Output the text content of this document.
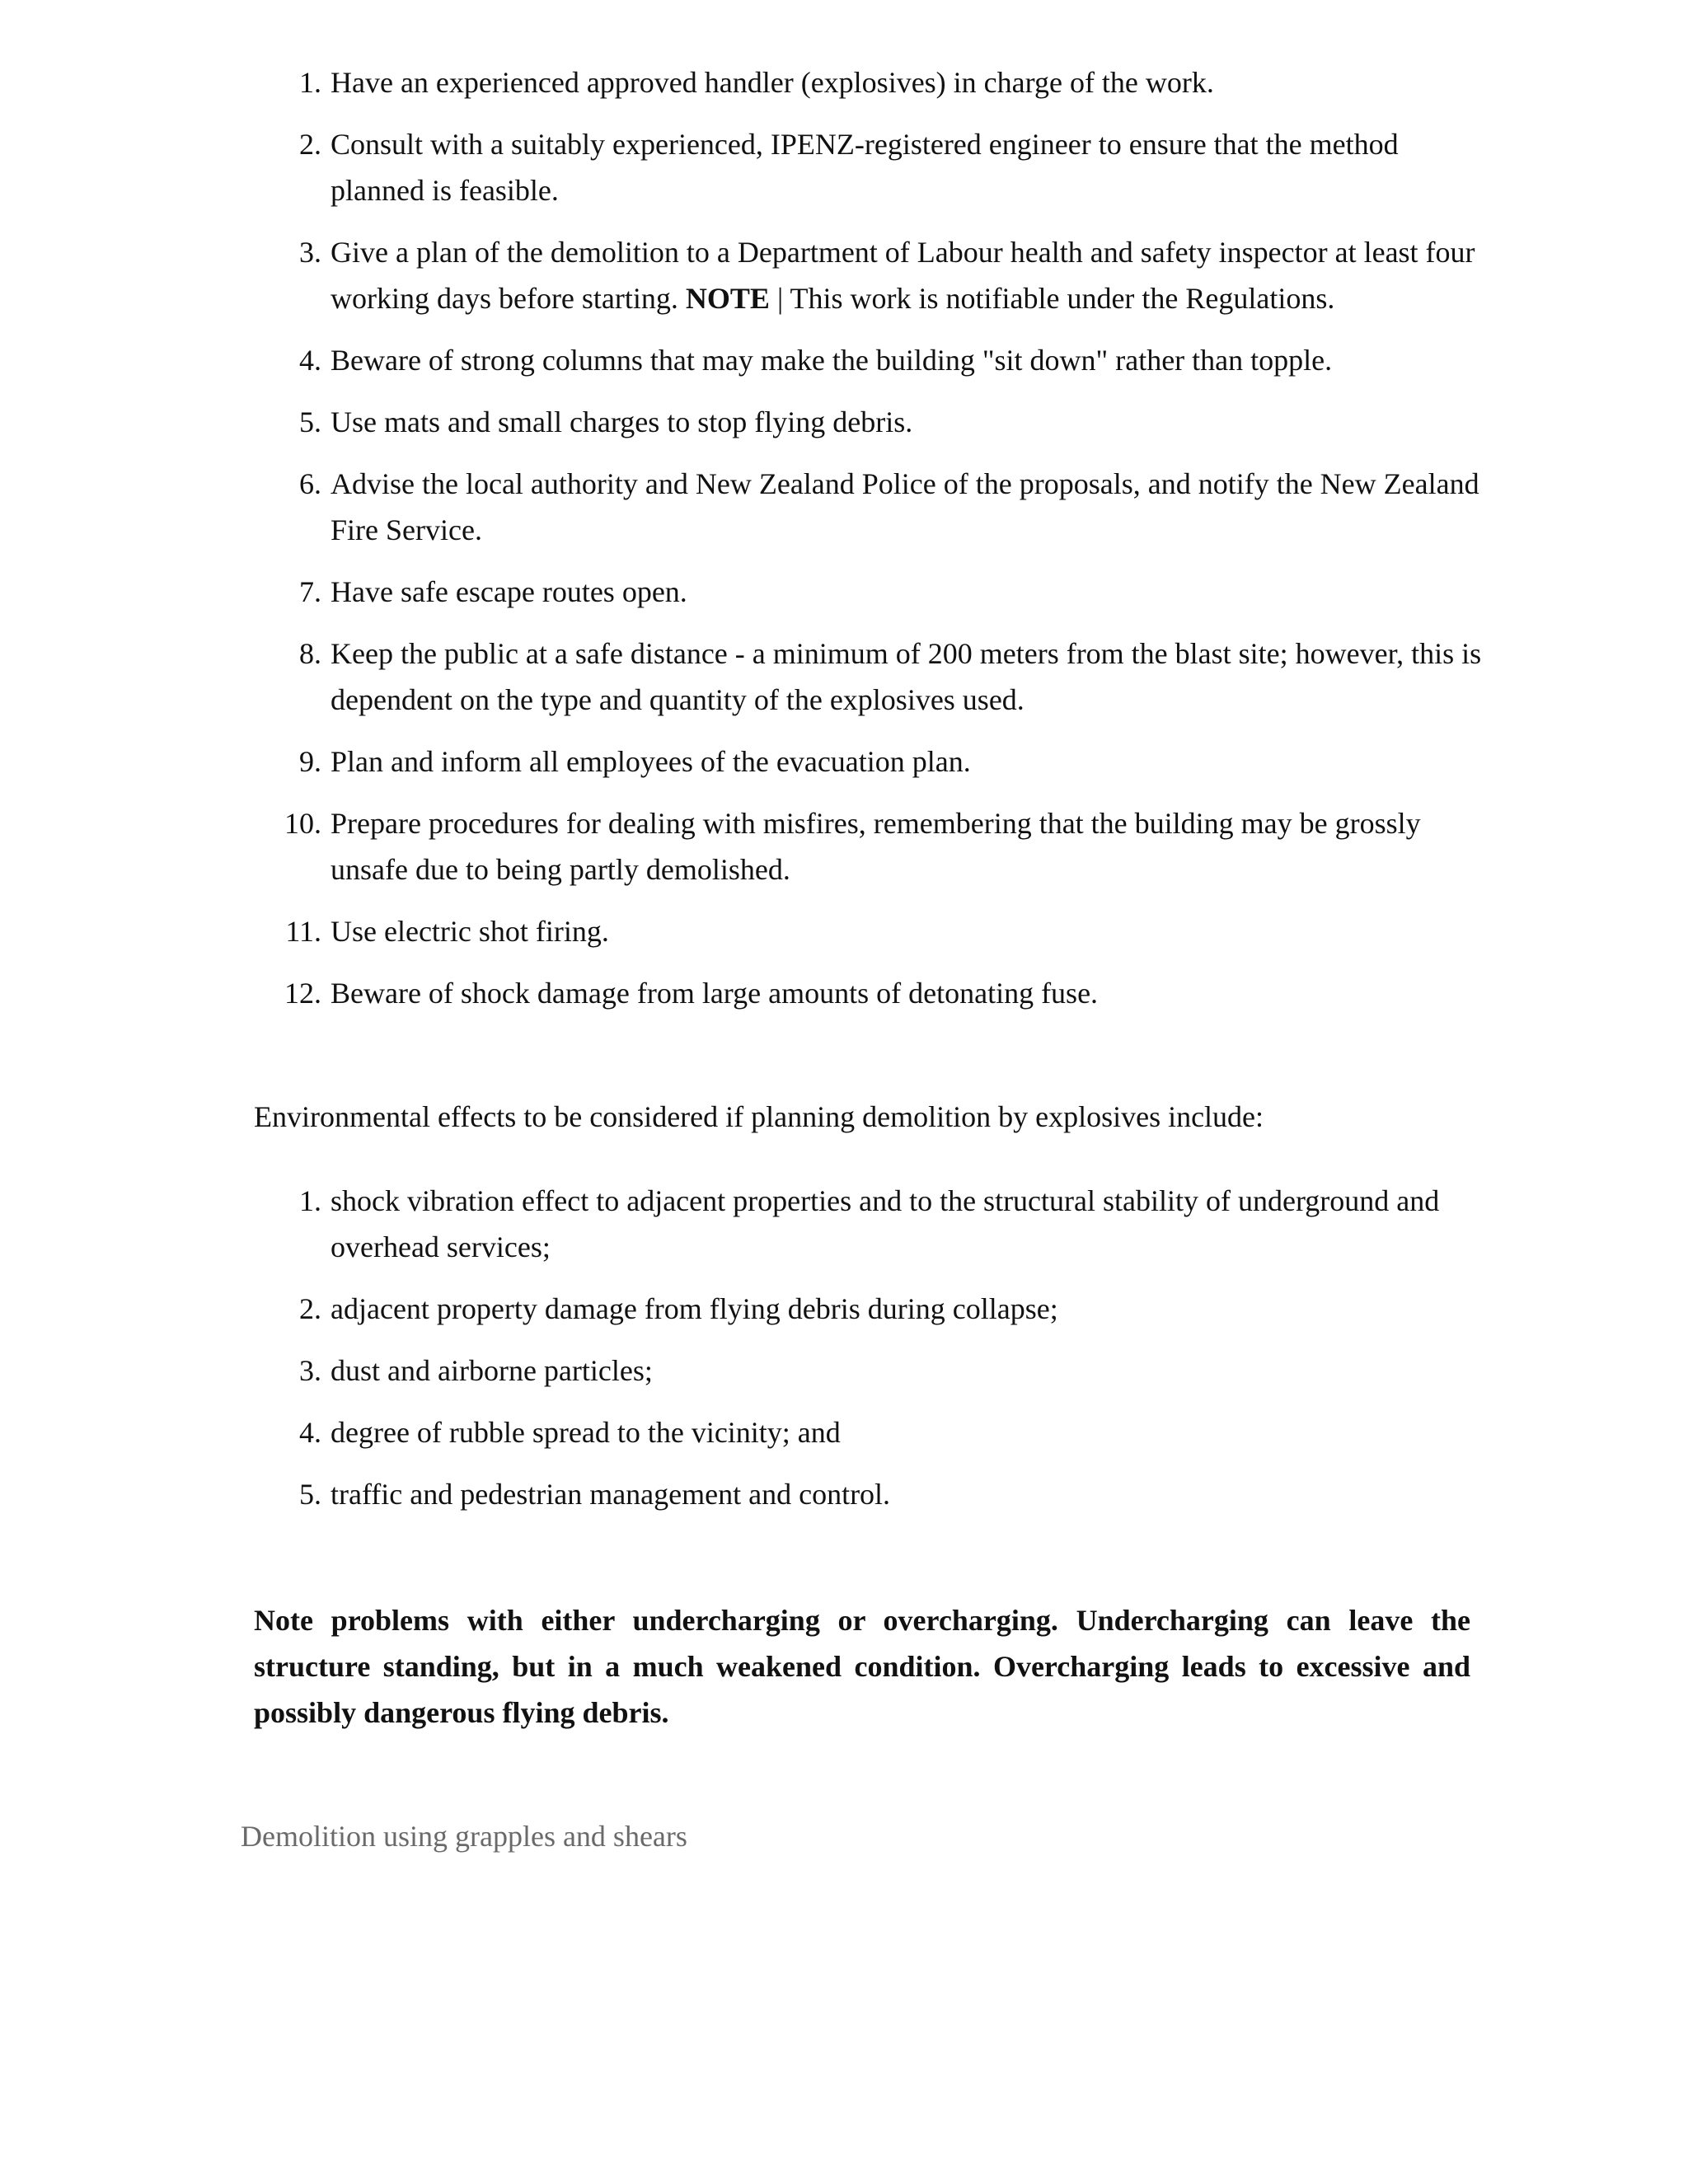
1. Have an experienced approved handler (explosives) in charge of the work.
2. Consult with a suitably experienced, IPENZ-registered engineer to ensure that the method planned is feasible.
3. Give a plan of the demolition to a Department of Labour health and safety inspector at least four working days before starting. NOTE | This work is notifiable under the Regulations.
4. Beware of strong columns that may make the building "sit down" rather than topple.
5. Use mats and small charges to stop flying debris.
6. Advise the local authority and New Zealand Police of the proposals, and notify the New Zealand Fire Service.
7. Have safe escape routes open.
8. Keep the public at a safe distance - a minimum of 200 meters from the blast site; however, this is dependent on the type and quantity of the explosives used.
9. Plan and inform all employees of the evacuation plan.
10. Prepare procedures for dealing with misfires, remembering that the building may be grossly unsafe due to being partly demolished.
11. Use electric shot firing.
12. Beware of shock damage from large amounts of detonating fuse.

Environmental effects to be considered if planning demolition by explosives include:

1. shock vibration effect to adjacent properties and to the structural stability of underground and overhead services;
2. adjacent property damage from flying debris during collapse;
3. dust and airborne particles;
4. degree of rubble spread to the vicinity; and
5. traffic and pedestrian management and control.

Note problems with either undercharging or overcharging. Undercharging can leave the structure standing, but in a much weakened condition. Overcharging leads to excessive and possibly dangerous flying debris.

Demolition using grapples and shears
